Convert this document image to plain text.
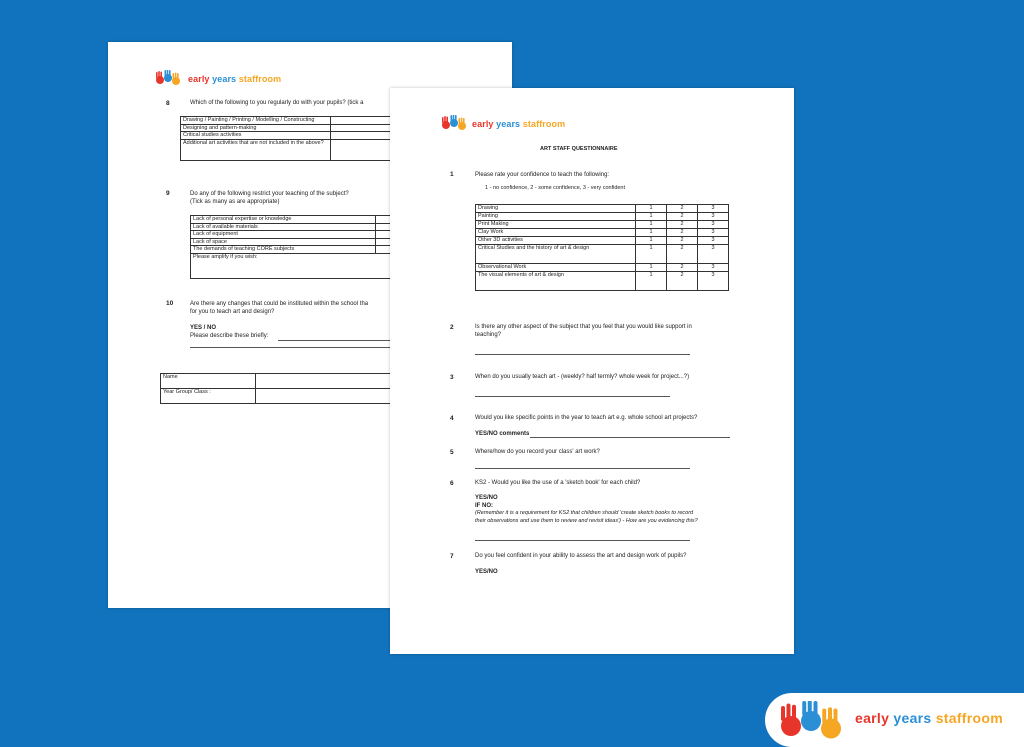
early years staffroom
8	Which of the following to you regularly do with your pupils? (tick a
Drawing / Painting / Printing / Modelling / Constructing	
Designing and pattern-making	
Critical studies activities	
Additional art activities that are not included in the above?	
9	Do any of the following restrict your teaching of the subject?
(Tick as many as are appropriate)
Lack of personal expertise or knowledge	
Lack of available materials	
Lack of equipment	
Lack of space	
The demands of teaching CORE subjects	
Please amplify if you wish:	
10	Are there any changes that could be instituted within the school tha
for you to teach art and design?
YES / NO
Please describe these briefly:
Name	
Year Group/ Class :	
early years staffroom
ART STAFF QUESTIONNAIRE
1	Please rate your confidence to teach the following:
1 - no confidence, 2 - some confidence, 3 - very confident
Drawing	1	2	3
Painting	1	2	3
Print Making	1	2	3
Clay Work	1	2	3
Other 3D activities	1	2	3
Critical Studies and the history of art & design	1	2	3
Observational Work	1	2	3
The visual elements of art & design	1	2	3
2	Is there any other aspect of the subject that you feel that you would like support in
teaching?
3	When do you usually teach art - (weekly? half termly? whole week for project...?)
4	Would you like specific points in the year to teach art e.g. whole school art projects?
YES/NO comments
5	Where/how do you record your class' art work?
6	KS2 - Would you like the use of a 'sketch book' for each child?
YES/NO
IF NO:
(Remember it is a requirement for KS2 that children should 'create sketch books to record
their observations and use them to review and revisit ideas') - How are you evidencing this?
7	Do you feel confident in your ability to assess the art and design work of pupils?
YES/NO
early years staffroom
